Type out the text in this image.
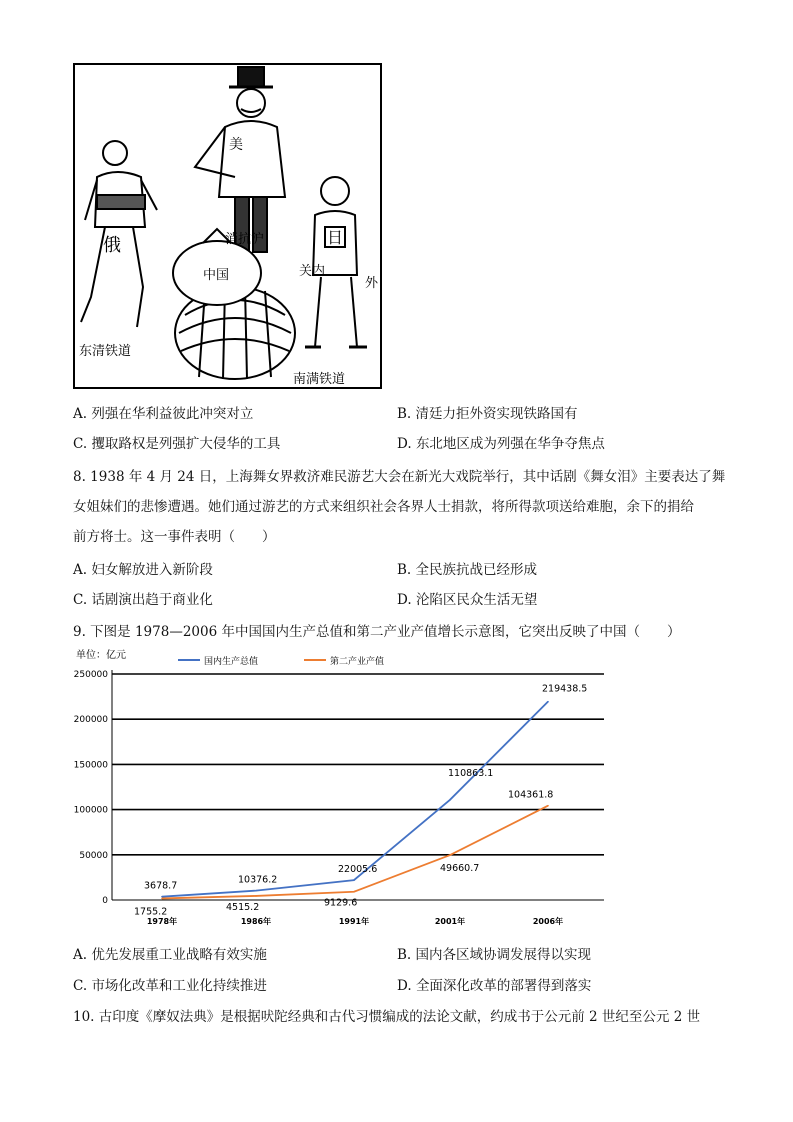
俄	日
美
消抗沪
关内
外
中国
东清铁道
南满铁道
A. 列强在华利益彼此冲突对立	B. 清廷力拒外资实现铁路国有
C. 攫取路权是列强扩大侵华的工具	D. 东北地区成为列强在华争夺焦点
8. 1938 年 4 月 24 日，上海舞女界救济难民游艺大会在新光大戏院举行，其中话剧《舞女泪》主要表达了舞
女姐妹们的悲惨遭遇。她们通过游艺的方式来组织社会各界人士捐款，将所得款项送给难胞，余下的捐给
前方将士。这一事件表明（　　）
A. 妇女解放进入新阶段	B. 全民族抗战已经形成
C. 话剧演出趋于商业化	D. 沦陷区民众生活无望
9. 下图是 1978—2006 年中国国内生产总值和第二产业产值增长示意图，它突出反映了中国（　　）
单位：亿元
国内生产总值	第二产业产值
0
50000
100000
150000
200000
250000
1978年	1986年	1991年	2001年	2006年
3678.7
10376.2
22005.6
110863.1
219438.5
1755.2	4515.2	9129.6
49660.7
104361.8
A. 优先发展重工业战略有效实施	B. 国内各区域协调发展得以实现
C. 市场化改革和工业化持续推进	D. 全面深化改革的部署得到落实
10. 古印度《摩奴法典》是根据吠陀经典和古代习惯编成的法论文献，约成书于公元前 2 世纪至公元 2 世
